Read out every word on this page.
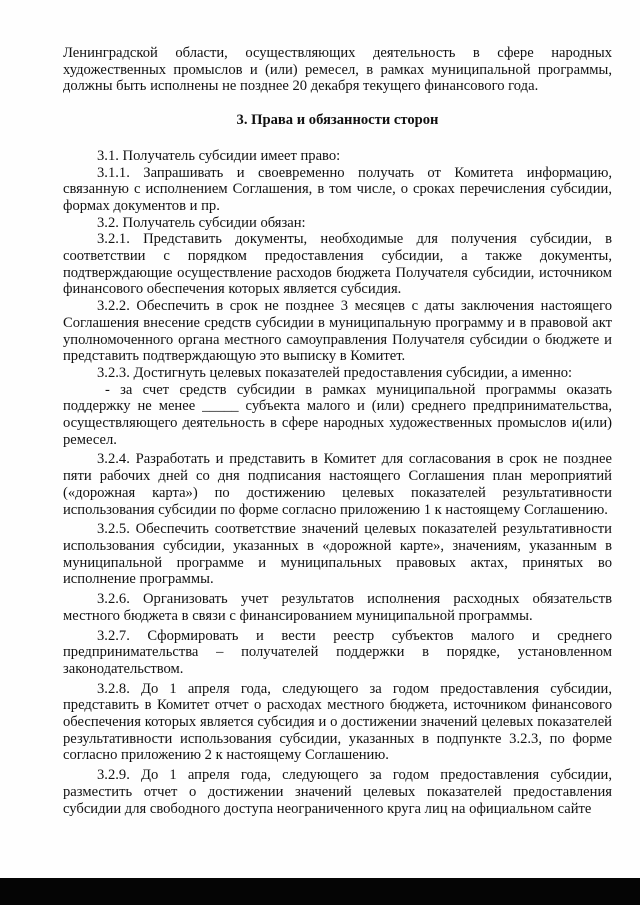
Ленинградской области, осуществляющих деятельность в сфере народных художественных промыслов и (или) ремесел, в рамках муниципальной программы, должны быть исполнены не позднее 20 декабря текущего финансового года.

3. Права и обязанности сторон

3.1. Получатель субсидии имеет право:

3.1.1. Запрашивать и своевременно получать от Комитета информацию, связанную с исполнением Соглашения, в том числе, о сроках перечисления субсидии, формах документов и пр.

3.2. Получатель субсидии обязан:

3.2.1. Представить документы, необходимые для получения субсидии, в соответствии с порядком предоставления субсидии, а также документы, подтверждающие осуществление расходов бюджета Получателя субсидии, источником финансового обеспечения которых является субсидия.

3.2.2. Обеспечить в срок не позднее 3 месяцев с даты заключения настоящего Соглашения внесение средств субсидии в муниципальную программу и в правовой акт уполномоченного органа местного самоуправления Получателя субсидии о бюджете и представить подтверждающую это выписку в Комитет.

3.2.3. Достигнуть целевых показателей предоставления субсидии, а именно:

- за счет средств субсидии в рамках муниципальной программы оказать поддержку не менее _____ субъекта малого и (или) среднего предпринимательства, осуществляющего деятельность в сфере народных художественных промыслов и(или) ремесел.

3.2.4. Разработать и представить в Комитет для согласования в срок не позднее пяти рабочих дней со дня подписания настоящего Соглашения план мероприятий («дорожная карта») по достижению целевых показателей результативности использования субсидии по форме согласно приложению 1 к настоящему Соглашению.

3.2.5. Обеспечить соответствие значений целевых показателей результативности использования субсидии, указанных в «дорожной карте», значениям, указанным в муниципальной программе и муниципальных правовых актах, принятых во исполнение программы.

3.2.6. Организовать учет результатов исполнения расходных обязательств местного бюджета в связи с финансированием муниципальной программы.

3.2.7. Сформировать и вести реестр субъектов малого и среднего предпринимательства – получателей поддержки в порядке, установленном законодательством.

3.2.8. До 1 апреля года, следующего за годом предоставления субсидии, представить в Комитет отчет о расходах местного бюджета, источником финансового обеспечения которых является субсидия и о достижении значений целевых показателей результативности использования субсидии, указанных в подпункте 3.2.3, по форме согласно приложению 2 к настоящему Соглашению.

3.2.9. До 1 апреля года, следующего за годом предоставления субсидии, разместить отчет о достижении значений целевых показателей предоставления субсидии для свободного доступа неограниченного круга лиц на официальном сайте
